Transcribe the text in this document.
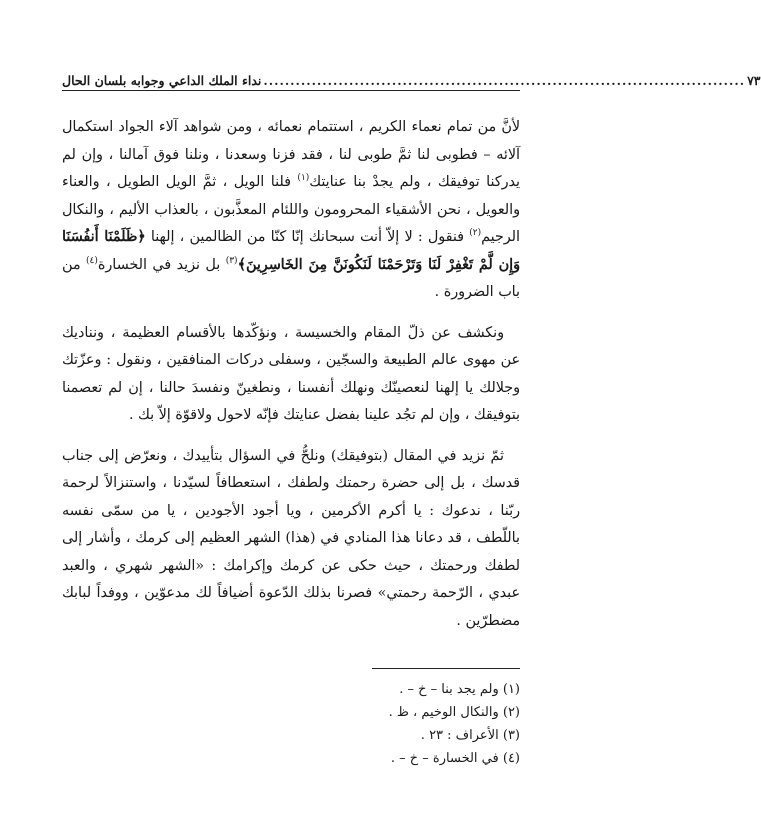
نداء الملك الداعي وجوابه بلسان الحال .......................................................................................... ٧٣

لأنَّ من تمام نعماء الكريم ، استتمام نعمائه ، ومن شواهد آلاء الجواد استكمال آلائه – فطوبى لنا ثمَّ طوبى لنا ، فقد فزنا وسعدنا ، ونلنا فوق آمالنا ، وإن لم يدركنا توفيقك ، ولم يجدْ بنا عنايتك$^{(١)}$ فلنا الويل ، ثمَّ الويل الطويل ، والعناء والعويل ، نحن الأشقياء المحرومون واللئام المعذَّبون ، بالعذاب الأليم ، والنكال الرجيم$^{(٢)}$ فنقول : لا إلاّ أنت سبحانك إنّا كنّا من الظالمين ، إلهنا ﴿ظَلَمْنَا أَنفُسَنَا وَإِن لَّمْ تَغْفِرْ لَنَا وَتَرْحَمْنَا لَنَكُونَنَّ مِنَ الخَاسِرِينَ﴾$^{(٣)}$ بل نزيد في الخسارة$^{(٤)}$ من باب الضرورة .

ونكشف عن ذلّ المقام والخسيسة ، ونؤكّدها بالأقسام العظيمة ، ونناديك عن مهوى عالم الطبيعة والسجّين ، وسفلى دركات المنافقين ، ونقول : وعزّتك وجلالك يا إلهنا لنعصينّك ونهلك أنفسنا ، ونطغينّ ونفسدَ حالنا ، إن لم تعصمنا بتوفيقك ، وإن لم تجُد علينا بفضل عنايتك فإنّه لاحول ولاقوّة إلاّ بك .

ثمّ نزيد في المقال (بتوفيقك) ونلحُّ في السؤال بتأييدك ، ونعرّض إلى جناب قدسك ، بل إلى حضرة رحمتك ولطفك ، استعطافاً لسيّدنا ، واستنزالاً لرحمة ربّنا ، ندعوك : يا أكرم الأكرمين ، ويا أجود الأجودين ، يا من سمّى نفسه باللّطف ، قد دعانا هذا المنادي في (هذا) الشهر العظيم إلى كرمك ، وأشار إلى لطفك ورحمتك ، حيث حكى عن كرمك وإكرامك : «الشهر شهري ، والعبد عبدي ، الرّحمة رحمتي» فصرنا بذلك الدّعوة أضيافاً لك مدعوّين ، ووفداً لبابك مضطرّين .

(١) ولم يجد بنا – خ – .
(٢) والنكال الوخيم ، ظ .
(٣) الأعراف : ٢٣ .
(٤) في الخسارة – خ – .
